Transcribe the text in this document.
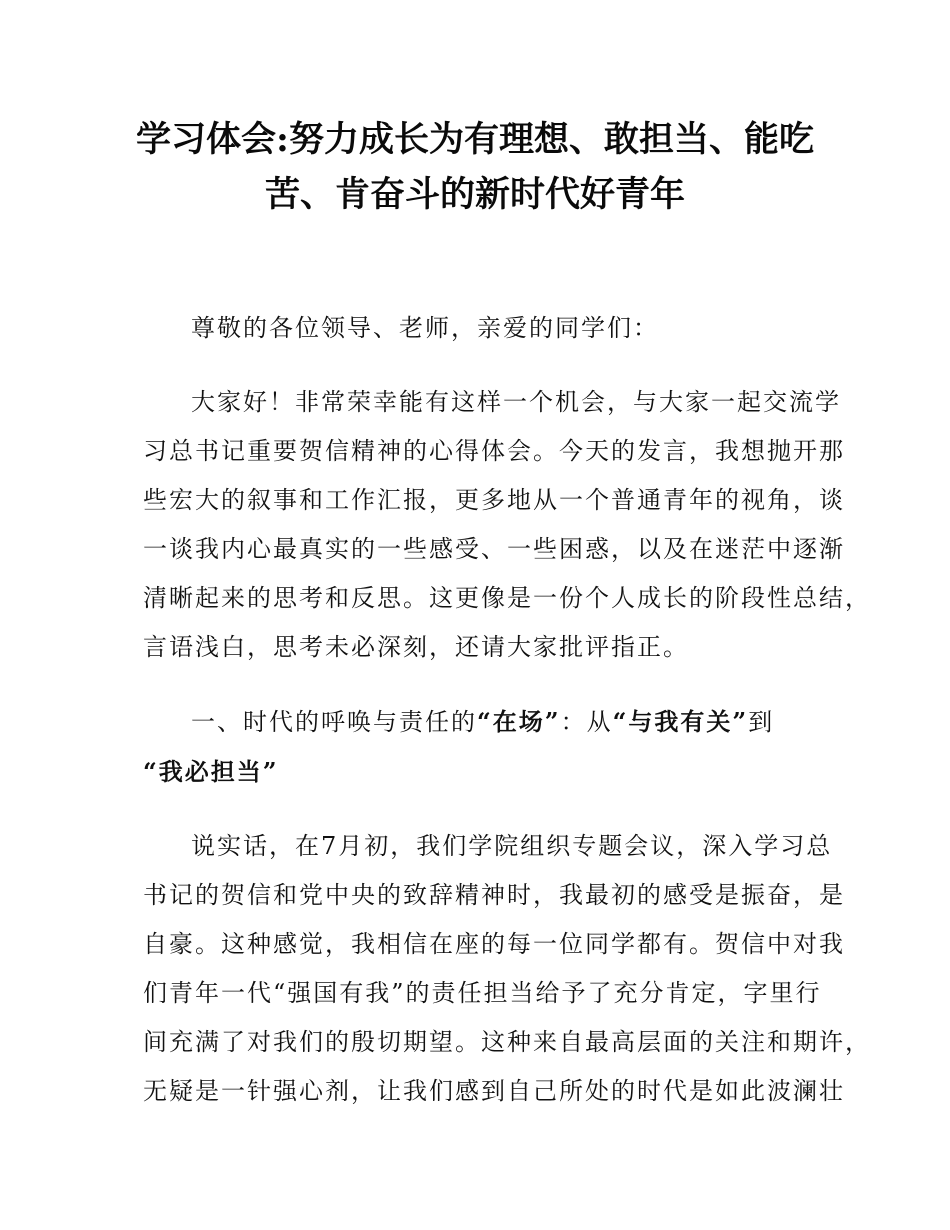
学习体会:努力成长为有理想、敢担当、能吃
苦、肯奋斗的新时代好青年

尊敬的各位领导、老师，亲爱的同学们：

大家好！非常荣幸能有这样一个机会，与大家一起交流学
习总书记重要贺信精神的心得体会。今天的发言，我想抛开那
些宏大的叙事和工作汇报，更多地从一个普通青年的视角，谈
一谈我内心最真实的一些感受、一些困惑，以及在迷茫中逐渐
清晰起来的思考和反思。这更像是一份个人成长的阶段性总结，
言语浅白，思考未必深刻，还请大家批评指正。

一、时代的呼唤与责任的“在场”：从“与我有关”到
“我必担当”

说实话，在7月初，我们学院组织专题会议，深入学习总
书记的贺信和党中央的致辞精神时，我最初的感受是振奋，是
自豪。这种感觉，我相信在座的每一位同学都有。贺信中对我
们青年一代“强国有我”的责任担当给予了充分肯定，字里行
间充满了对我们的殷切期望。这种来自最高层面的关注和期许，
无疑是一针强心剂，让我们感到自己所处的时代是如此波澜壮
